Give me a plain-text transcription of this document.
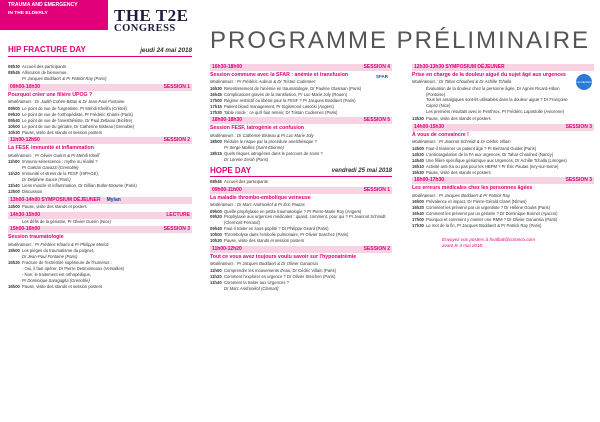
TRAUMA AND EMERGENCY
IN THE ELDERLY	THE T2E
CONGRESS PROGRAMME PRÉLIMINAIRE
HIP FRACTURE DAY	jeudi 24 mai 2018
08h30 Accueil des participants
08h45 Allocution de bienvenue,
Pr Jacques Boddaert & Pr Patrick Ray (Paris)
09h00-10h30	SESSION 1
Pourquoi créer une filière UPOG ?
Modérateurs : Dr Judith Cohen-Bittan & Dr Jean-Paul Fontaine
09h00 Le point de vue de l'urgentiste, Pr Mehdi Khelifa (Créteil)
09h20 Le point de vue de l'orthopédiste, Pr Frédéric Khiami (Paris)
09h40 Le point de vue de l'anesthésiste, Dr Paul Zetlaoui (Bicêtre)
10h00 Le point de vue du gériatre, Dr Catherine Bisteau (Grenoble)
10h30 Pause, visite des stands et session posters
11h00-12h50	SESSION 2
La FESF, immunité et inflammation
Modérateurs : Pr Olivier Guérin & Pr Mehdi Khelif
11h00 Immuno-sénescence : mythe ou réalité ?
Pr Gaëtan Gavazzi (Grenoble)
11h20 Immunité et stress de la FESF (HIPAGE),
Dr Delphine Sauce (Paris)
11h40 Liens muscle et inflammation, Dr Gillian Butler-Browne (Paris)
12h00 Discussion
13h00-14h00 SYMPOSIUM DÉJEUNER Mylan
14h00 Pause, visite des stands et posters
14h30-15h00	LECTURE
Les défis de la gériatrie, Pr Olivier Guérin (Nice)
15h00-16h00	SESSION 3
Session traumatologie
Modérateurs : Pr Frédéric Khiami & Pr Philippe Merloz
15h00 Les pièges du traumatisme du poignet,
Dr Jean-Paul Fontaine (Paris)
15h20 Fracture de l'extrémité supérieure de l'humérus :
- Oui, il faut opérer, Dr Pierre Desmoineaux (Versailles)
- Non, le traitement est orthopédique,
Pr Dominique Saragaglia (Grenoble)
16h00 Pause, visite des stands et session posters
16h30-18h00	SESSION 4
Session commune avec la SFAR : anémie et transfusion	SFAR
Modérateurs : Pr Frédéric Aubrun & Dr Tristan Cudennec
16h30 Retentissement de l'anémie en traumatologie, Dr Pauline Glasman (Paris)
16h45 Complications graves de la transfusion, Pr Luc-Marie Joly (Rouen)
17h00 Régime restrictif ou libéral pour la FESF ? Pr Jacques Boddaert (Paris)
17h15 Patient blood management, Pr Sigismond Lasocki (Angers)
17h30 Table ronde : ce qu'il faut retenir, Dr Tristan Cudennec (Paris)
18h00-18h30	SESSION 5
Session FESF, iatrogénie et confusion
Modérateurs : Dr Catherine Bisteau & Pr Luc-Marie Joly
18h00 Réduire le risque par la procédure anesthésique ?
Pr Serge Molliex (Saint-Etienne)
18h15 Quels risques iatrogènes dans le parcours de soins ?
Dr Lorene Zerah (Paris)
HOPE DAY	vendredi 25 mai 2018
08h45 Accueil des participants
09h00-11h00	SESSION 1
La maladie thrombo-embolique veineuse
Modérateurs : Dr Marc Andronikof & Pr Éric Pautas
09h00 Quelle prophylaxie en petite traumatologie ? Pr Pierre-Marie Roy (Angers)
09h20 Prophylaxie aux urgences médicales : quand, comment, pour qui ? Pr Jeannot Schmidt (Clermont-Ferrand)
09h40 Faut-il traiter en sous-poplité ? Dr Philippe Girard (Paris)
10h00 Thrombolyse dans l'embolie pulmonaire, Pr Olivier Sanchez (Paris)
10h30 Pause, visite des stands et session posters
11h00-12h20	SESSION 2
Tout ce vous avez toujours voulu savoir sur l'hyponatrémie
Modérateurs : Pr Jacques Boddaert & Dr Olivier Ganansia
11h00 Comprendre les mouvements d'eau, Dr Cédric Villain (Paris)
11h20 Comment l'explorer en urgence ? Dr Olivier Steichen (Paris)
11h40 Comment la traiter aux Urgences ?
Dr Marc Andronikof (Clamart)
12h30-13h30 SYMPOSIUM DÉJEUNER
Prise en charge de la douleur aiguë du sujet âgé aux urgences
Modérateurs : Dr Tahar Chouihed & Dr Achille Tchalla
Évaluation de la douleur chez la personne âgée, Dr Agnès Ricard-Hibon (Pontoise)
Tous les antalgiques sont-ils utilisables dans la douleur aiguë ? Dr Françoise Capriz (Nice)
Les premiers résultats avec le Penthrox, Pr Frédéric Lapostolle (Avicenne)
mundipharma
13h30 Pause, visite des stands et posters
14h00-15h30	SESSION 3
À vous de convaincre !
Modérateurs : Pr Jeannot Schmidt & Dr Cédric Villain
14h00 Faut-il réanimer un patient âgé ? Pr Bertrand Guidet (Paris)
14h20 L'anticoagulation de la FA aux urgences, Dr Tahar Chouihed (Nancy)
14h40 Une filière spécifique gériatrique aux Urgences, Dr Achille Tchalla (Limoges)
15h10 Activité anti-Xa ou pas pour les HBPM ? Pr Éric Pautas (Ivry-sur-Seine)
15h30 Pause, visite des stands et posters
16h00-17h30	SESSION 3
Les erreurs médicales chez les personnes âgées
Modérateurs : Pr Jacques Boddaert & Pr Patrick Ray
16h00 Prévalence et impact, Dr Pierre-Gérald Claret (Nîmes)
16h20 Comment les prévenir par un urgentiste ? Dr Hélène Goulet (Paris)
16h40 Comment les prévenir par un gériatre ? Dr Dominique Bonnet (Ajaccio)
17h00 Pourquoi et comment y monter une RMM ? Dr Olivier Ganansia (Paris)
17h30 Le mot de la fin, Pr Jacques Boddaert & Pr Patrick Ray (Paris)
Envoyez vos posters à hvalbat@comnco.com
avant le 4 mai 2018.
